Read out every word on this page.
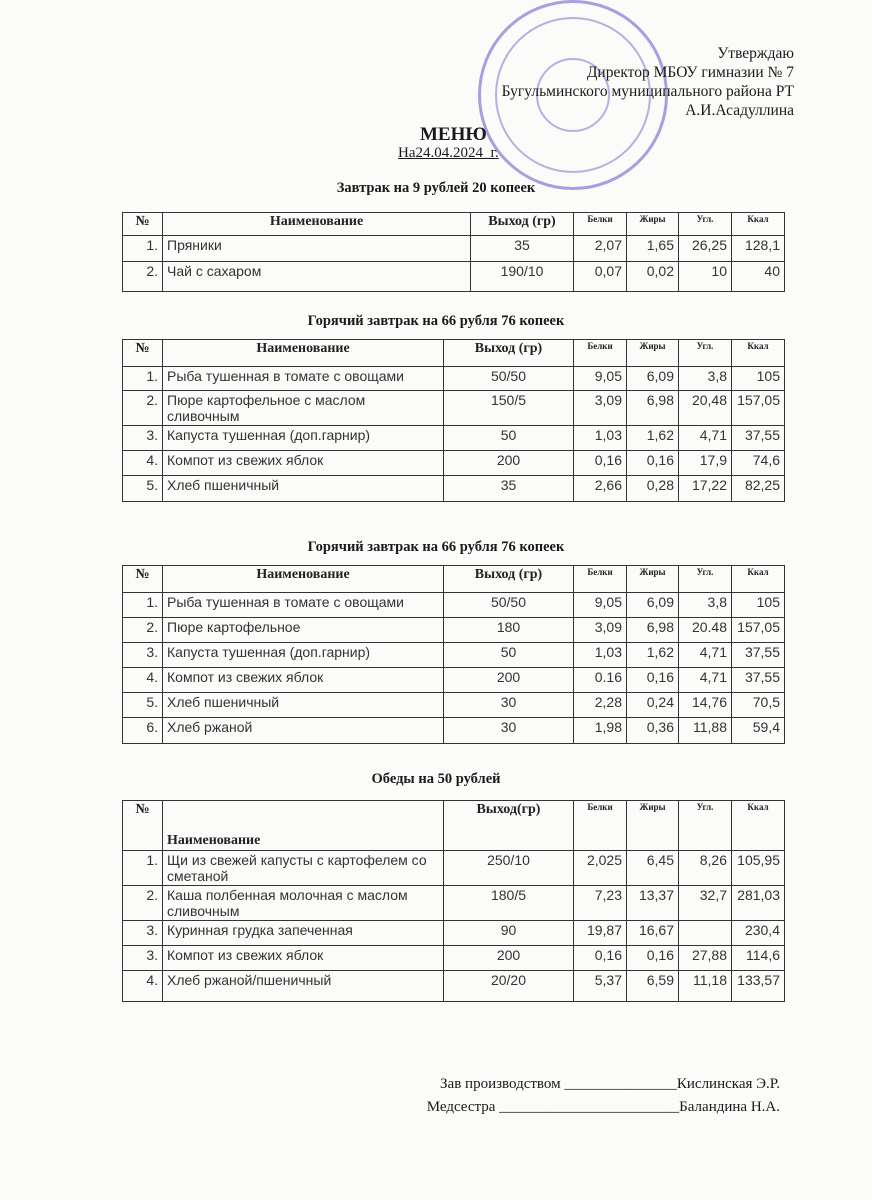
Утверждаю
Директор МБОУ гимназии № 7
Бугульминского муниципального района РТ
А.И.Асадуллина
МЕНЮ
На24.04.2024_г.
Завтрак на 9 рублей 20 копеек
№	Наименование	Выход (гр)	Белки	Жиры	Угл.	Ккал
1.	Пряники	35	2,07	1,65	26,25	128,1
2.	Чай с сахаром	190/10	0,07	0,02	10	40
Горячий завтрак на 66 рубля 76 копеек
№	Наименование	Выход (гр)	Белки	Жиры	Угл.	Ккал
1.	Рыба тушенная в томате с овощами	50/50	9,05	6,09	3,8	105
2.	Пюре картофельное с маслом сливочным	150/5	3,09	6,98	20,48	157,05
3.	Капуста тушенная (доп.гарнир)	50	1,03	1,62	4,71	37,55
4.	Компот из свежих яблок	200	0,16	0,16	17,9	74,6
5.	Хлеб пшеничный	35	2,66	0,28	17,22	82,25
Горячий завтрак на 66 рубля 76 копеек
№	Наименование	Выход (гр)	Белки	Жиры	Угл.	Ккал
1.	Рыба тушенная в томате с овощами	50/50	9,05	6,09	3,8	105
2.	Пюре картофельное	180	3,09	6,98	20.48	157,05
3.	Капуста тушенная (доп.гарнир)	50	1,03	1,62	4,71	37,55
4.	Компот из свежих яблок	200	0.16	0,16	4,71	37,55
5.	Хлеб пшеничный	30	2,28	0,24	14,76	70,5
6.	Хлеб ржаной	30	1,98	0,36	11,88	59,4
Обеды на 50 рублей
№	Наименование	Выход(гр)	Белки	Жиры	Угл.	Ккал
1.	Щи из свежей капусты с картофелем со сметаной	250/10	2,025	6,45	8,26	105,95
2.	Каша полбенная молочная с маслом сливочным	180/5	7,23	13,37	32,7	281,03
3.	Куринная грудка запеченная	90	19,87	16,67		230,4
3.	Компот из свежих яблок	200	0,16	0,16	27,88	114,6
4.	Хлеб ржаной/пшеничный	20/20	5,37	6,59	11,18	133,57
Зав производством _______________Кислинская Э.Р.
Медсестра ________________________Баландина Н.А.
